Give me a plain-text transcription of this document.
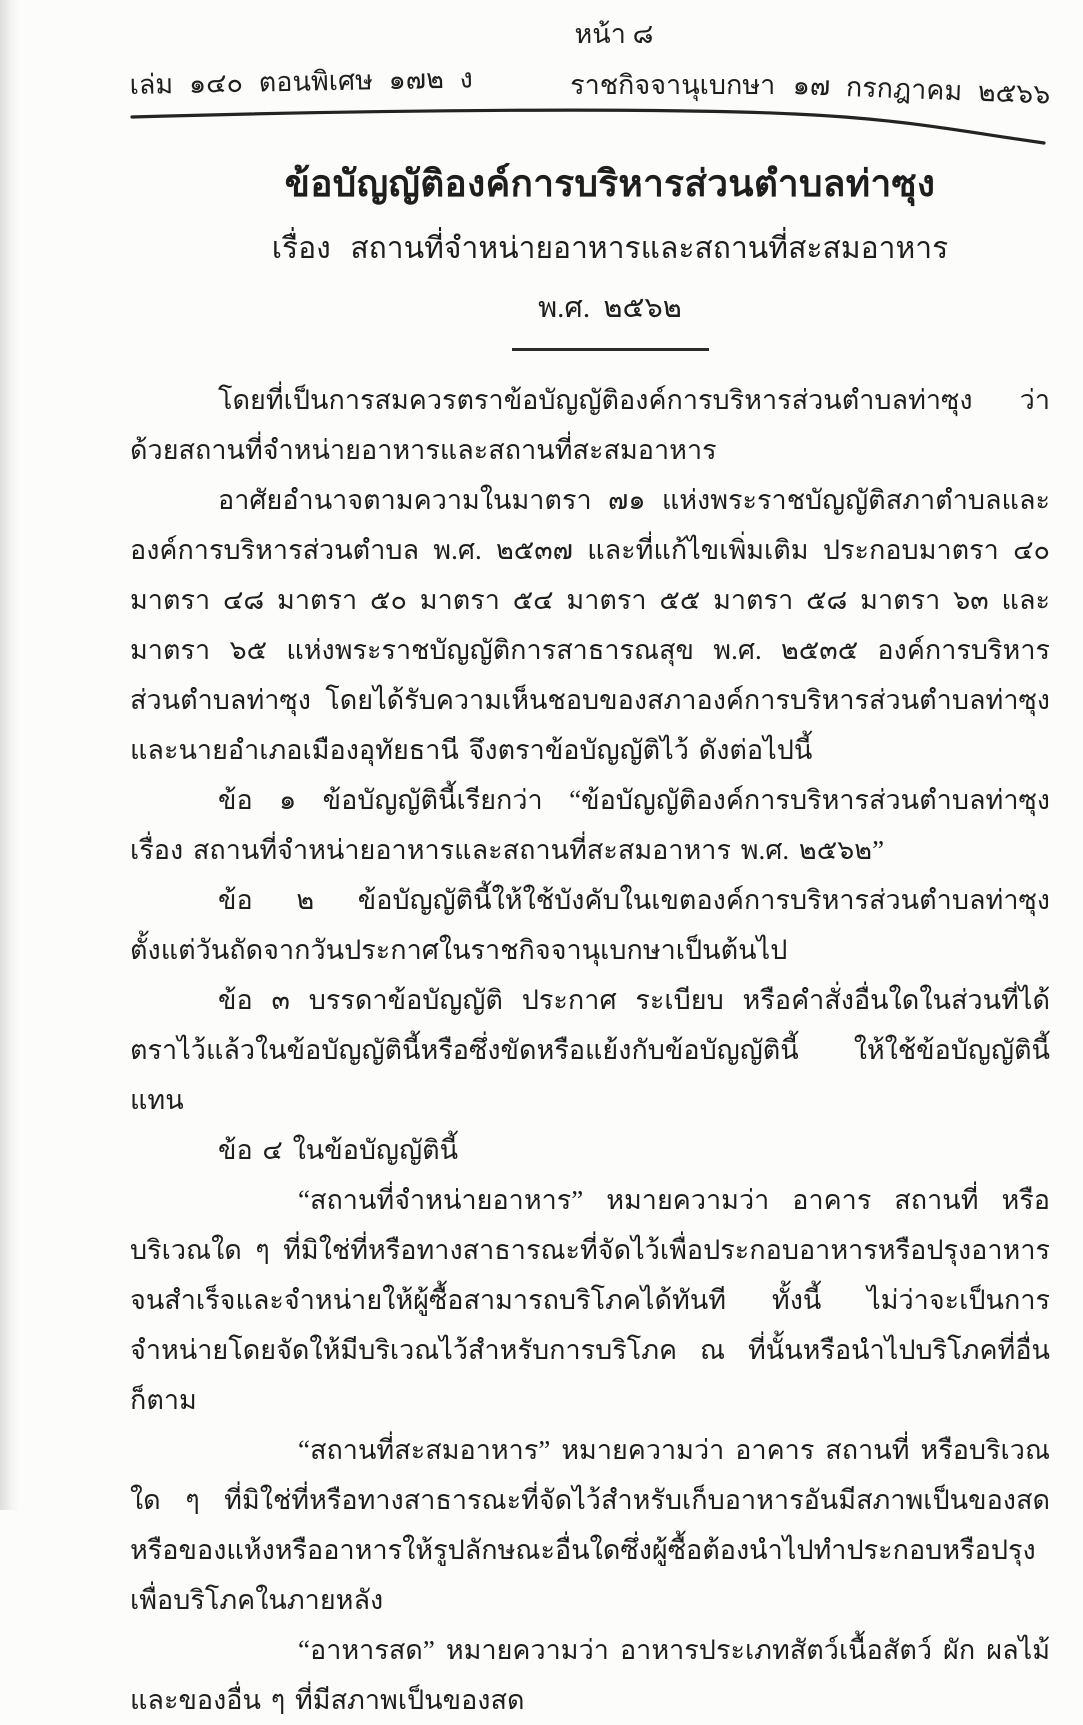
หน้า ๘
เล่ม ๑๔๐ ตอนพิเศษ ๑๗๒ ง	ราชกิจจานุเบกษา ๑๗ กรกฎาคม ๒๕๖๖
ข้อบัญญัติองค์การบริหารส่วนตำบลท่าซุง
เรื่อง สถานที่จำหน่ายอาหารและสถานที่สะสมอาหาร
พ.ศ. ๒๕๖๒

โดยที่เป็นการสมควรตราข้อบัญญัติองค์การบริหารส่วนตำบลท่าซุง ว่าด้วยสถานที่จำหน่ายอาหารและสถานที่สะสมอาหาร

อาศัยอำนาจตามความในมาตรา ๗๑ แห่งพระราชบัญญัติสภาตำบลและองค์การบริหารส่วนตำบล พ.ศ. ๒๕๓๗ และที่แก้ไขเพิ่มเติม ประกอบมาตรา ๔๐ มาตรา ๔๘ มาตรา ๕๐ มาตรา ๕๔ มาตรา ๕๕ มาตรา ๕๘ มาตรา ๖๓ และมาตรา ๖๕ แห่งพระราชบัญญัติการสาธารณสุข พ.ศ. ๒๕๓๕ องค์การบริหารส่วนตำบลท่าซุง โดยได้รับความเห็นชอบของสภาองค์การบริหารส่วนตำบลท่าซุง และนายอำเภอเมืองอุทัยธานี จึงตราข้อบัญญัติไว้ ดังต่อไปนี้

ข้อ ๑ ข้อบัญญัตินี้เรียกว่า “ข้อบัญญัติองค์การบริหารส่วนตำบลท่าซุง เรื่อง สถานที่จำหน่ายอาหารและสถานที่สะสมอาหาร พ.ศ. ๒๕๖๒”

ข้อ ๒ ข้อบัญญัตินี้ให้ใช้บังคับในเขตองค์การบริหารส่วนตำบลท่าซุง ตั้งแต่วันถัดจากวันประกาศในราชกิจจานุเบกษาเป็นต้นไป

ข้อ ๓ บรรดาข้อบัญญัติ ประกาศ ระเบียบ หรือคำสั่งอื่นใดในส่วนที่ได้ตราไว้แล้วในข้อบัญญัตินี้หรือซึ่งขัดหรือแย้งกับข้อบัญญัตินี้ ให้ใช้ข้อบัญญัตินี้แทน

ข้อ ๔ ในข้อบัญญัตินี้

“สถานที่จำหน่ายอาหาร” หมายความว่า อาคาร สถานที่ หรือบริเวณใด ๆ ที่มิใช่ที่หรือทางสาธารณะที่จัดไว้เพื่อประกอบอาหารหรือปรุงอาหารจนสำเร็จและจำหน่ายให้ผู้ซื้อสามารถบริโภคได้ทันที ทั้งนี้ ไม่ว่าจะเป็นการจำหน่ายโดยจัดให้มีบริเวณไว้สำหรับการบริโภค ณ ที่นั้นหรือนำไปบริโภคที่อื่นก็ตาม

“สถานที่สะสมอาหาร” หมายความว่า อาคาร สถานที่ หรือบริเวณใด ๆ ที่มิใช่ที่หรือทางสาธารณะที่จัดไว้สำหรับเก็บอาหารอันมีสภาพเป็นของสดหรือของแห้งหรืออาหารให้รูปลักษณะอื่นใดซึ่งผู้ซื้อต้องนำไปทำประกอบหรือปรุงเพื่อบริโภคในภายหลัง

“อาหารสด” หมายความว่า อาหารประเภทสัตว์เนื้อสัตว์ ผัก ผลไม้ และของอื่น ๆ ที่มีสภาพเป็นของสด
